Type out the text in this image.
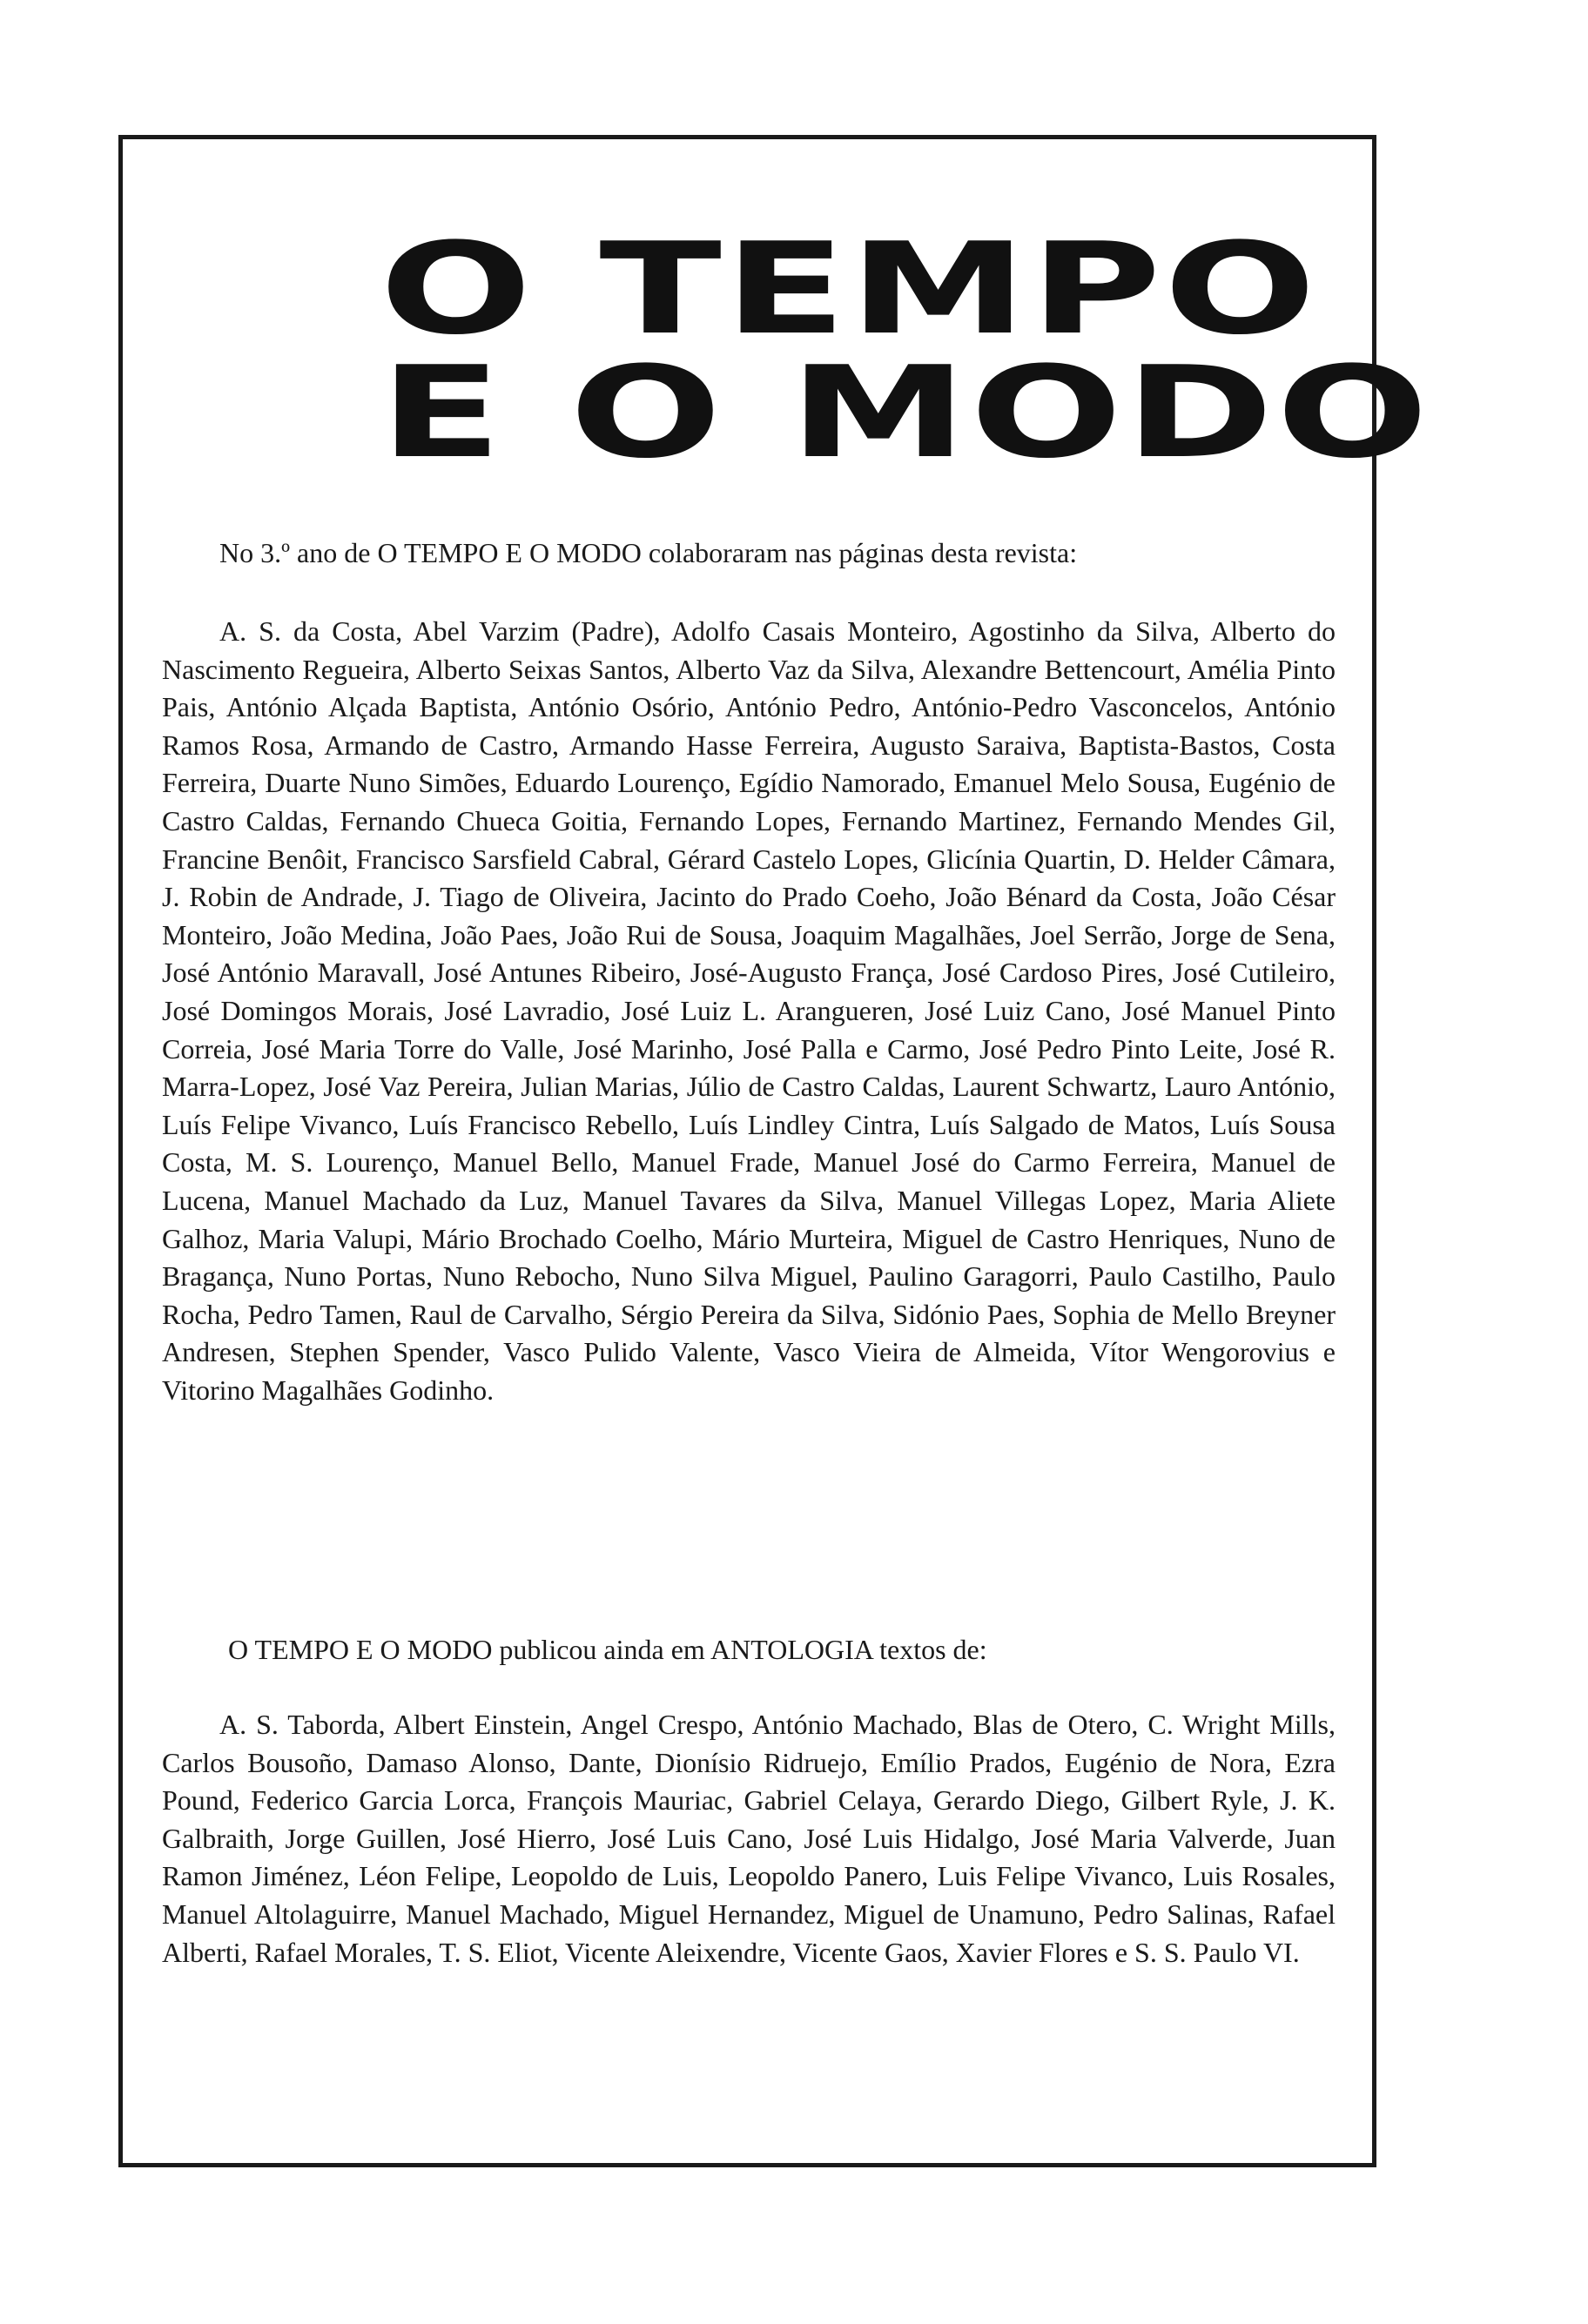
O TEMPO
E O MODO

No 3.º ano de O TEMPO E O MODO colaboraram nas páginas desta revista:

A. S. da Costa, Abel Varzim (Padre), Adolfo Casais Monteiro, Agostinho da Silva, Alberto do Nascimento Regueira, Alberto Seixas Santos, Alberto Vaz da Silva, Alexandre Bettencourt, Amélia Pinto Pais, António Alçada Baptista, António Osório, António Pedro, António-Pedro Vasconcelos, António Ramos Rosa, Armando de Castro, Armando Hasse Ferreira, Augusto Saraiva, Baptista-Bastos, Costa Ferreira, Duarte Nuno Simões, Eduardo Lourenço, Egídio Namorado, Emanuel Melo Sousa, Eugénio de Castro Caldas, Fernando Chueca Goitia, Fernando Lopes, Fernando Martinez, Fernando Mendes Gil, Francine Benôit, Francisco Sarsfield Cabral, Gérard Castelo Lopes, Glicínia Quartin, D. Helder Câmara, J. Robin de Andrade, J. Tiago de Oliveira, Jacinto do Prado Coeho, João Bénard da Costa, João César Monteiro, João Medina, João Paes, João Rui de Sousa, Joaquim Magalhães, Joel Serrão, Jorge de Sena, José António Maravall, José Antunes Ribeiro, José-Augusto França, José Cardoso Pires, José Cutileiro, José Domingos Morais, José Lavradio, José Luiz L. Arangueren, José Luiz Cano, José Manuel Pinto Correia, José Maria Torre do Valle, José Marinho, José Palla e Carmo, José Pedro Pinto Leite, José R. Marra-Lopez, José Vaz Pereira, Julian Marias, Júlio de Castro Caldas, Laurent Schwartz, Lauro António, Luís Felipe Vivanco, Luís Francisco Rebello, Luís Lindley Cintra, Luís Salgado de Matos, Luís Sousa Costa, M. S. Lourenço, Manuel Bello, Manuel Frade, Manuel José do Carmo Ferreira, Manuel de Lucena, Manuel Machado da Luz, Manuel Tavares da Silva, Manuel Villegas Lopez, Maria Aliete Galhoz, Maria Valupi, Mário Brochado Coelho, Mário Murteira, Miguel de Castro Henriques, Nuno de Bragança, Nuno Portas, Nuno Rebocho, Nuno Silva Miguel, Paulino Garagorri, Paulo Castilho, Paulo Rocha, Pedro Tamen, Raul de Carvalho, Sérgio Pereira da Silva, Sidónio Paes, Sophia de Mello Breyner Andresen, Stephen Spender, Vasco Pulido Valente, Vasco Vieira de Almeida, Vítor Wengorovius e Vitorino Magalhães Godinho.

O TEMPO E O MODO publicou ainda em ANTOLOGIA textos de:

A. S. Taborda, Albert Einstein, Angel Crespo, António Machado, Blas de Otero, C. Wright Mills, Carlos Bousoño, Damaso Alonso, Dante, Dionísio Ridruejo, Emílio Prados, Eugénio de Nora, Ezra Pound, Federico Garcia Lorca, François Mauriac, Gabriel Celaya, Gerardo Diego, Gilbert Ryle, J. K. Galbraith, Jorge Guillen, José Hierro, José Luis Cano, José Luis Hidalgo, José Maria Valverde, Juan Ramon Jiménez, Léon Felipe, Leopoldo de Luis, Leopoldo Panero, Luis Felipe Vivanco, Luis Rosales, Manuel Altolaguirre, Manuel Machado, Miguel Hernandez, Miguel de Unamuno, Pedro Salinas, Rafael Alberti, Rafael Morales, T. S. Eliot, Vicente Aleixendre, Vicente Gaos, Xavier Flores e S. S. Paulo VI.
